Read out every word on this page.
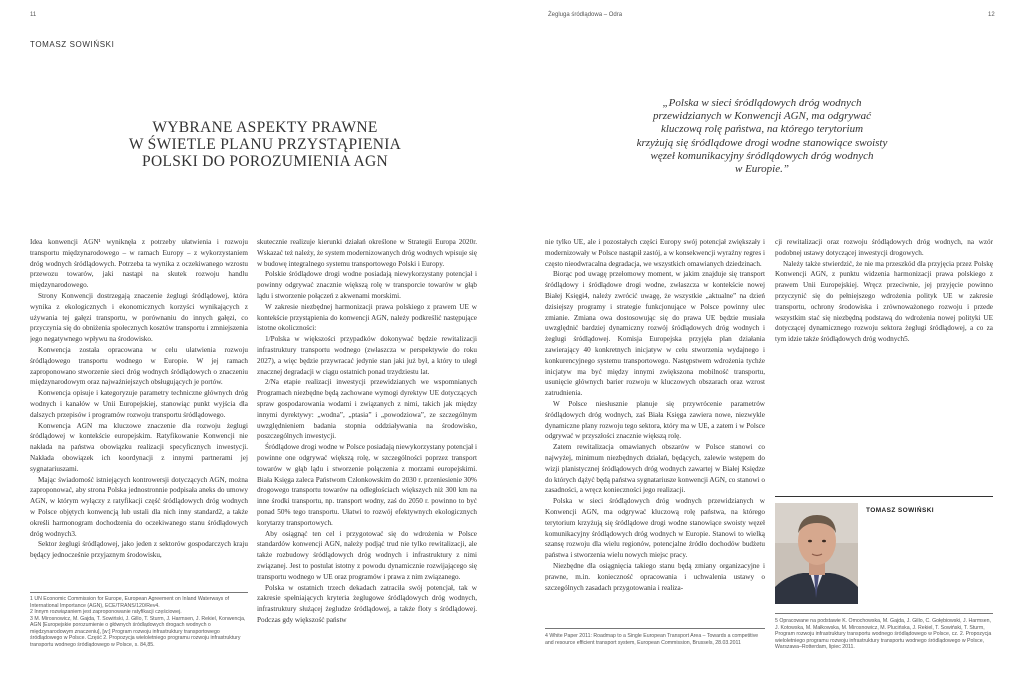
11	Żegluga śródlądowa – Odra	12
TOMASZ SOWIŃSKI
WYBRANE ASPEKTY PRAWNE
W ŚWIETLE PLANU PRZYSTĄPIENIA
POLSKI DO POROZUMIENIA AGN
„Polska w sieci śródlądowych dróg wodnych
przewidzianych w Konwencji AGN, ma odgrywać
kluczową rolę państwa, na którego terytorium
krzyżują się śródlądowe drogi wodne stanowiące swoisty
węzeł komunikacyjny śródlądowych dróg wodnych
w Europie.”

Idea konwencji AGN¹ wyniknęła z potrzeby ułatwienia i rozwoju transportu międzynarodowego – w ramach Europy – z wykorzystaniem dróg wodnych śródlądowych. Potrzeba ta wynika z oczekiwanego wzrostu przewozu towarów, jaki nastąpi na skutek rozwoju handlu międzynarodowego.

Strony Konwencji dostrzegają znaczenie żeglugi śródlądowej, która wynika z ekologicznych i ekonomicznych korzyści wynikających z używania tej gałęzi transportu, w porównaniu do innych gałęzi, co przyczynia się do obniżenia społecznych kosztów transportu i zmniejszenia jego negatywnego wpływu na środowisko.

Konwencja została opracowana w celu ułatwienia rozwoju śródlądowego transportu wodnego w Europie. W jej ramach zaproponowano stworzenie sieci dróg wodnych śródlądowych o znaczeniu międzynarodowym oraz najważniejszych obsługujących je portów.

Konwencja opisuje i kategoryzuje parametry techniczne głównych dróg wodnych i kanałów w Unii Europejskiej, stanowiąc punkt wyjścia dla dalszych przepisów i programów rozwoju transportu śródlądowego.

Konwencja AGN ma kluczowe znaczenie dla rozwoju żeglugi śródlądowej w kontekście europejskim. Ratyfikowanie Konwencji nie nakłada na państwa obowiązku realizacji specyficznych inwestycji. Nakłada obowiązek ich koordynacji z innymi partnerami jej sygnatariuszami.

Mając świadomość istniejących kontrowersji dotyczących AGN, można zaproponować, aby strona Polska jednostronnie podpisała aneks do umowy AGN, w którym wyłączy z ratyfikacji część śródlądowych dróg wodnych w Polsce objętych konwencją lub ustali dla nich inny standard2, a także określi harmonogram dochodzenia do oczekiwanego stanu śródlądowych dróg wodnych3.

Sektor żeglugi śródlądowej, jako jeden z sektorów gospodarczych kraju będący jednocześnie przyjaznym środowisku,

1 UN Economic Commission for Europe, European Agreement on Inland Waterways of International Importance (AGN), ECE/TRANS/120/Rev4.

2 Innym rozwiązaniem jest zaproponowanie ratyfikacji częściowej.

3 M. Mirosnowicz, M. Gajda, T. Sowiński, J. Gillo, T. Sturm, J. Harmsen, J. Rekiel, Konwencja, AGN [Europejskie porozumienie o głównych śródlądowych drogach wodnych o międzynarodowym znaczeniu], [w:] Program rozwoju infrastruktury transportowego śródlądowego w Polsce. Część 2. Propozycja wieloletniego programu rozwoju infrastruktury transportu wodnego śródlądowego w Polsce, s. 84,85.

skutecznie realizuje kierunki działań określone w Strategii Europa 2020r. Wskazać też należy, że system modernizowanych dróg wodnych wpisuje się w budowę integralnego systemu transportowego Polski i Europy.

Polskie śródlądowe drogi wodne posiadają niewykorzystany potencjał i powinny odgrywać znacznie większą rolę w transporcie towarów w głąb lądu i stworzenie połączeń z akwenami morskimi.

W zakresie niezbędnej harmonizacji prawa polskiego z prawem UE w kontekście przystąpienia do konwencji AGN, należy podkreślić następujące istotne okoliczności:

1/Polska w większości przypadków dokonywać będzie rewitalizacji infrastruktury transportu wodnego (zwłaszcza w perspektywie do roku 2027), a więc będzie przywracać jedynie stan jaki już był, a który to uległ znacznej degradacji w ciągu ostatnich ponad trzydziestu lat.

2/Na etapie realizacji inwestycji przewidzianych we wspomnianych Programach niezbędne będą zachowane wymogi dyrektyw UE dotyczących spraw gospodarowania wodami i związanych z nimi, takich jak między innymi dyrektywy: „wodna”, „ptasia” i „powodziowa”, ze szczególnym uwzględnieniem badania stopnia oddziaływania na środowisko, poszczególnych inwestycji.

Śródlądowe drogi wodne w Polsce posiadają niewykorzystany potencjał i powinne one odgrywać większą rolę, w szczególności poprzez transport towarów w głąb lądu i stworzenie połączenia z morzami europejskimi. Biała Księga zaleca Państwom Członkowskim do 2030 r. przeniesienie 30% drogowego transportu towarów na odległościach większych niż 300 km na inne środki transportu, np. transport wodny, zaś do 2050 r. powinno to być ponad 50% tego transportu. Ułatwi to rozwój efektywnych ekologicznych korytarzy transportowych.

Aby osiągnąć ten cel i przygotować się do wdrożenia w Polsce standardów konwencji AGN, należy podjąć trud nie tylko rewitalizacji, ale także rozbudowy śródlądowych dróg wodnych i infrastruktury z nimi związanej. Jest to postulat istotny z powodu dynamicznie rozwijającego się transportu wodnego w UE oraz programów i prawa z nim związanego.

Polska w ostatnich trzech dekadach zatraciła swój potencjał, tak w zakresie spełniających kryteria żeglugowe śródlądowych dróg wodnych, infrastruktury służącej żegludze śródlądowej, a także floty s śródlądowej. Podczas gdy większość państw

nie tylko UE, ale i pozostałych części Europy swój potencjał zwiększały i modernizowały w Polsce nastąpił zastój, a w konsekwencji wyraźny regres i często nieodwracalna degradacja, we wszystkich omawianych dziedzinach.

Biorąc pod uwagę przełomowy moment, w jakim znajduje się transport śródlądowy i śródlądowe drogi wodne, zwłaszcza w kontekście nowej Białej Księgi4, należy zwrócić uwagę, że wszystkie „aktualne” na dzień dzisiejszy programy i strategie funkcjonujące w Polsce powinny ulec zmianie. Zmiana owa dostosowując się do prawa UE będzie musiała uwzględnić bardziej dynamiczny rozwój śródlądowych dróg wodnych i żeglugi śródlądowej. Komisja Europejska przyjęła plan działania zawierający 40 konkretnych inicjatyw w celu stworzenia wydajnego i konkurencyjnego systemu transportowego. Następstwem wdrożenia tychże inicjatyw ma być między innymi zwiększona mobilność transportu, usunięcie głównych barier rozwoju w kluczowych obszarach oraz wzrost zatrudnienia.

W Polsce niesłusznie planuje się przywrócenie parametrów śródlądowych dróg wodnych, zaś Biała Księga zawiera nowe, niezwykle dynamiczne plany rozwoju tego sektora, który ma w UE, a zatem i w Polsce odgrywać w przyszłości znacznie większą rolę.

Zatem rewitalizacja omawianych obszarów w Polsce stanowi co najwyżej, minimum niezbędnych działań, będących, zalewie wstępem do wizji planistycznej śródlądowych dróg wodnych zawartej w Białej Księdze do których dążyć będą państwa sygnatariusze konwencji AGN, co stanowi o zasadności, a wręcz konieczności jego realizacji.

Polska w sieci śródlądowych dróg wodnych przewidzianych w Konwencji AGN, ma odgrywać kluczową rolę państwa, na którego terytorium krzyżują się śródlądowe drogi wodne stanowiące swoisty węzeł komunikacyjny śródlądowych dróg wodnych w Europie. Stanowi to wielką szansę rozwoju dla wielu regionów, potencjalne źródło dochodów budżetu państwa i stworzenia wielu nowych miejsc pracy.

Niezbędne dla osiągnięcia takiego stanu będą zmiany organizacyjne i prawne, m.in. konieczność opracowania i uchwalenia ustawy o szczególnych zasadach przygotowania i realiza-

4 White Paper 2011: Roadmap to a Single European Transport Area – Towards a competitive and resource efficient transport system, European Commission, Brussels, 28.03.2011

cji rewitalizacji oraz rozwoju śródlądowych dróg wodnych, na wzór podobnej ustawy dotyczącej inwestycji drogowych.

Należy także stwierdzić, że nie ma przeszkód dla przyjęcia przez Polskę Konwencji AGN, z punktu widzenia harmonizacji prawa polskiego z prawem Unii Europejskiej. Wręcz przeciwnie, jej przyjęcie powinno przyczynić się do pełniejszego wdrożenia polityk UE w zakresie transportu, ochrony środowiska i zrównoważonego rozwoju i przede wszystkim stać się niezbędną podstawą do wdrożenia nowej polityki UE dotyczącej dynamicznego rozwoju sektora żeglugi śródlądowej, a co za tym idzie także śródlądowych dróg wodnych5.

TOMASZ SOWIŃSKI
5 Opracowane na podstawie K. Omochowska, M. Gajda, J. Gillo, C. Gołębiowski, J. Harmsen, J. Kotowska, M. Małkowska, M. Mirosnowicz, M. Plucińska, J. Rekiel, T. Sowiński, T. Sturm, Program rozwoju infrastruktury transportu wodnego śródlądowego w Polsce, cz. 2. Propozycja wieloletniego programu rozwoju infrastruktury transportu wodnego śródlądowego w Polsce, Warszawa–Rotterdam, lipiec 2011.
